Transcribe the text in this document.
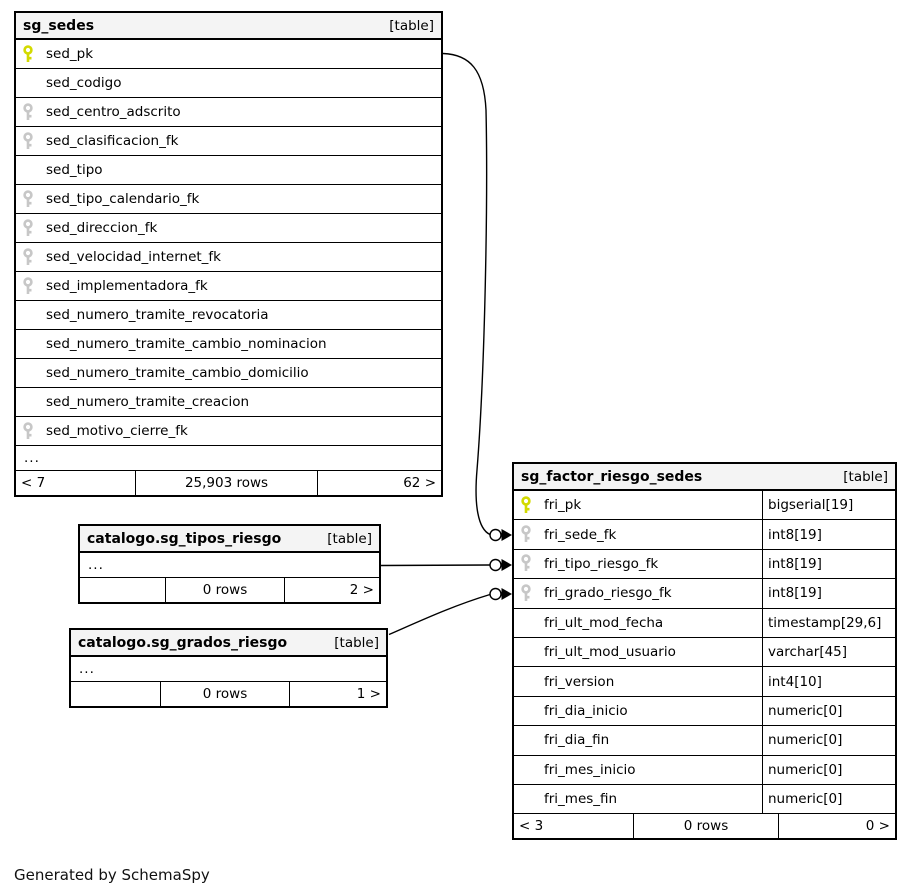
sg_sedes	[table]
sed_pk
sed_codigo
sed_centro_adscrito
sed_clasificacion_fk
sed_tipo
sed_tipo_calendario_fk
sed_direccion_fk
sed_velocidad_internet_fk
sed_implementadora_fk
sed_numero_tramite_revocatoria
sed_numero_tramite_cambio_nominacion
sed_numero_tramite_cambio_domicilio
sed_numero_tramite_creacion
sed_motivo_cierre_fk
...
< 7	25,903 rows	62 >
catalogo.sg_tipos_riesgo	[table]
...
0 rows	2 >
catalogo.sg_grados_riesgo	[table]
...
0 rows	1 >
sg_factor_riesgo_sedes	[table]
fri_pk	bigserial[19]
fri_sede_fk	int8[19]
fri_tipo_riesgo_fk	int8[19]
fri_grado_riesgo_fk	int8[19]
fri_ult_mod_fecha	timestamp[29,6]
fri_ult_mod_usuario	varchar[45]
fri_version	int4[10]
fri_dia_inicio	numeric[0]
fri_dia_fin	numeric[0]
fri_mes_inicio	numeric[0]
fri_mes_fin	numeric[0]
< 3	0 rows	0 >
Generated by SchemaSpy
